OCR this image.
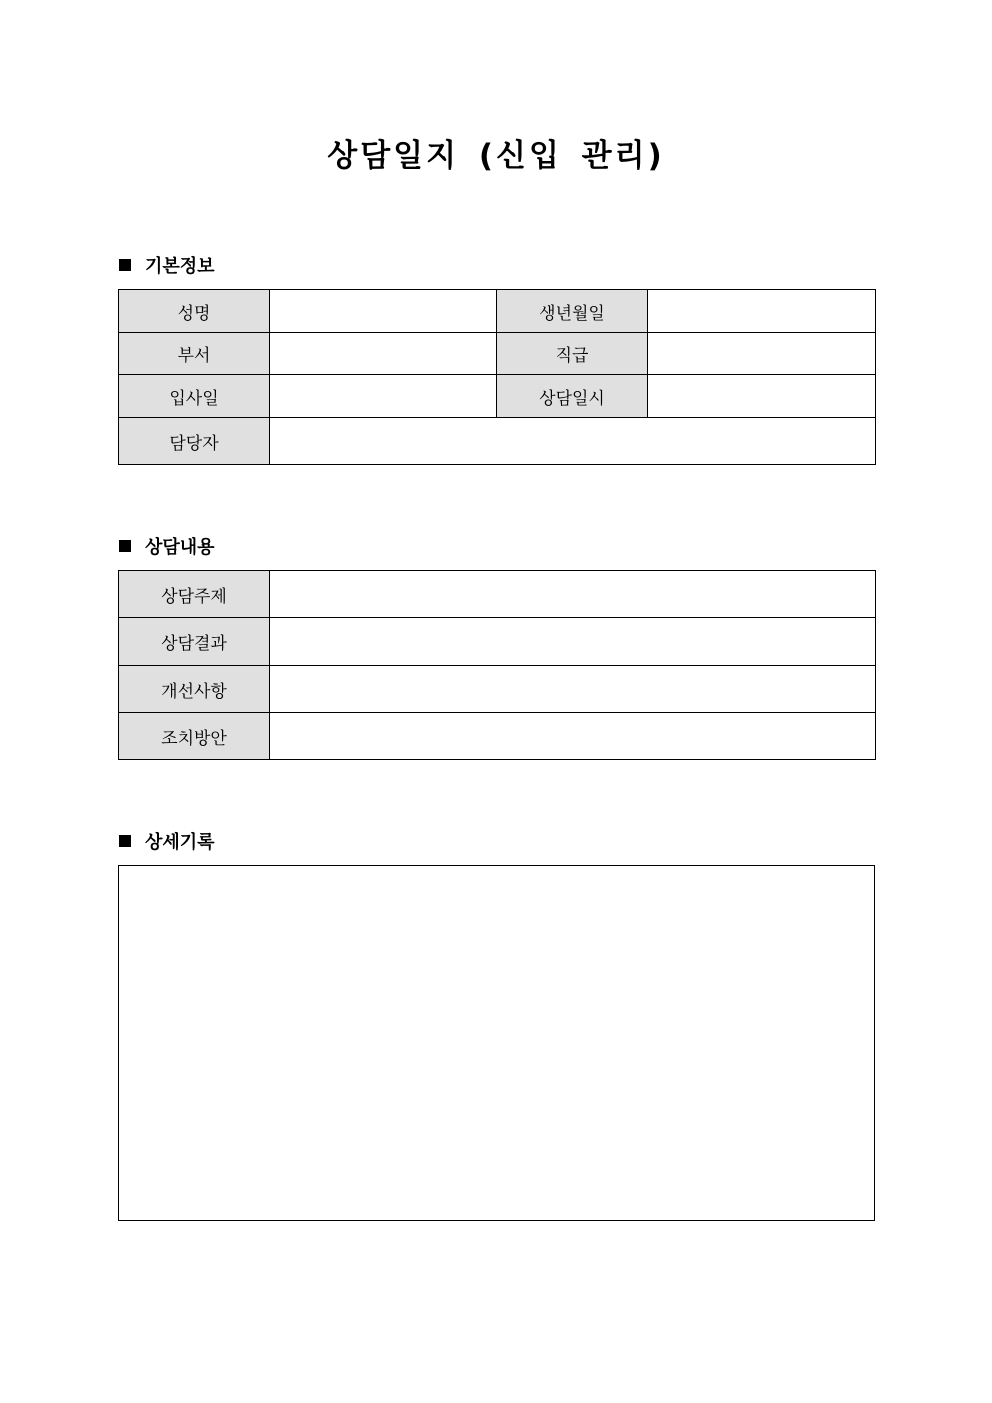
상담일지 (신입 관리)
기본정보
성명		생년월일	
부서		직급	
입사일		상담일시	
담당자			
상담내용
상담주제	
상담결과	
개선사항	
조치방안	
상세기록
